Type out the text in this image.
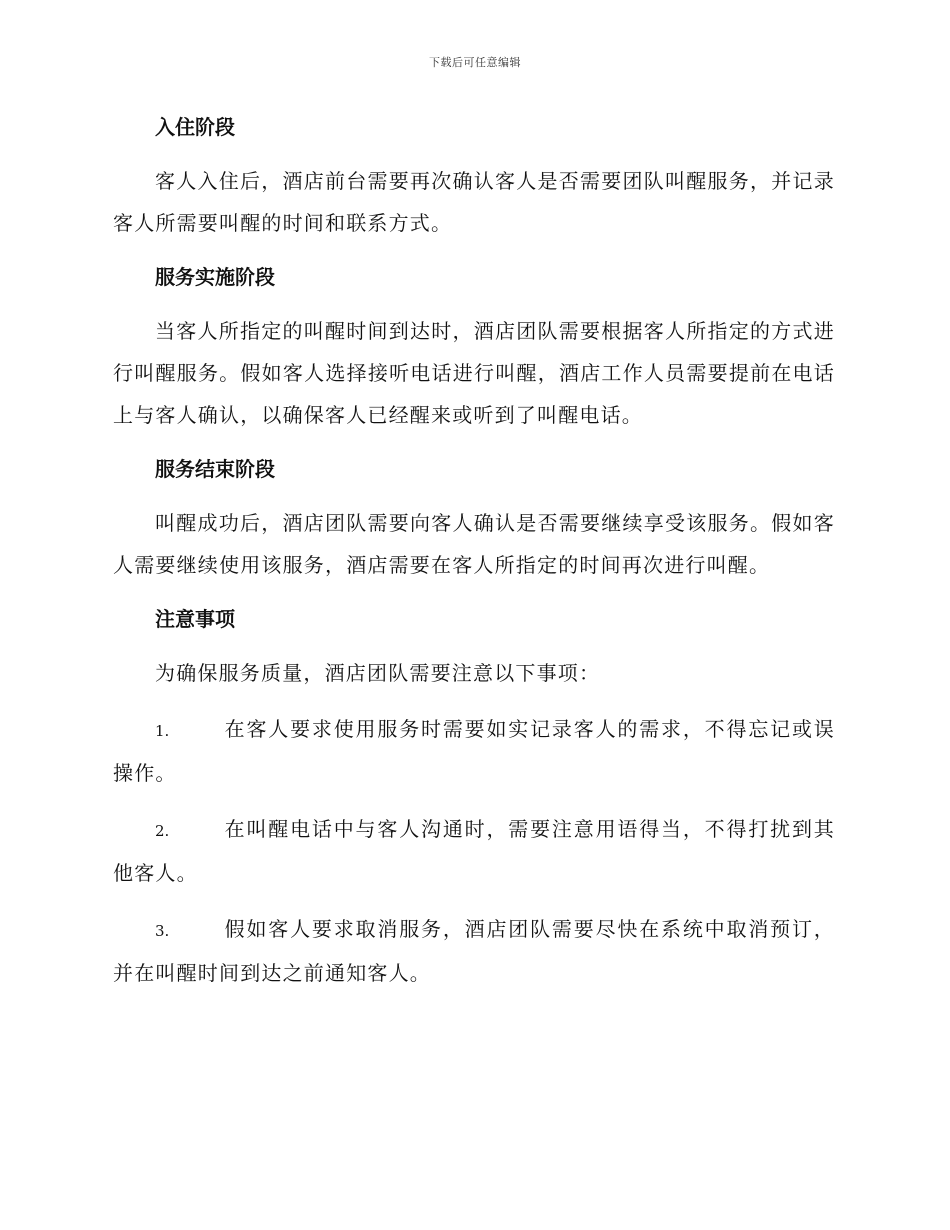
下载后可任意编辑
入住阶段

客人入住后，酒店前台需要再次确认客人是否需要团队叫醒服务，并记录客人所需要叫醒的时间和联系方式。

服务实施阶段

当客人所指定的叫醒时间到达时，酒店团队需要根据客人所指定的方式进行叫醒服务。假如客人选择接听电话进行叫醒，酒店工作人员需要提前在电话上与客人确认，以确保客人已经醒来或听到了叫醒电话。

服务结束阶段

叫醒成功后，酒店团队需要向客人确认是否需要继续享受该服务。假如客人需要继续使用该服务，酒店需要在客人所指定的时间再次进行叫醒。

注意事项

为确保服务质量，酒店团队需要注意以下事项：

1.	在客人要求使用服务时需要如实记录客人的需求，不得忘记或误操作。

2.	在叫醒电话中与客人沟通时，需要注意用语得当，不得打扰到其他客人。

3.	假如客人要求取消服务，酒店团队需要尽快在系统中取消预订，并在叫醒时间到达之前通知客人。
